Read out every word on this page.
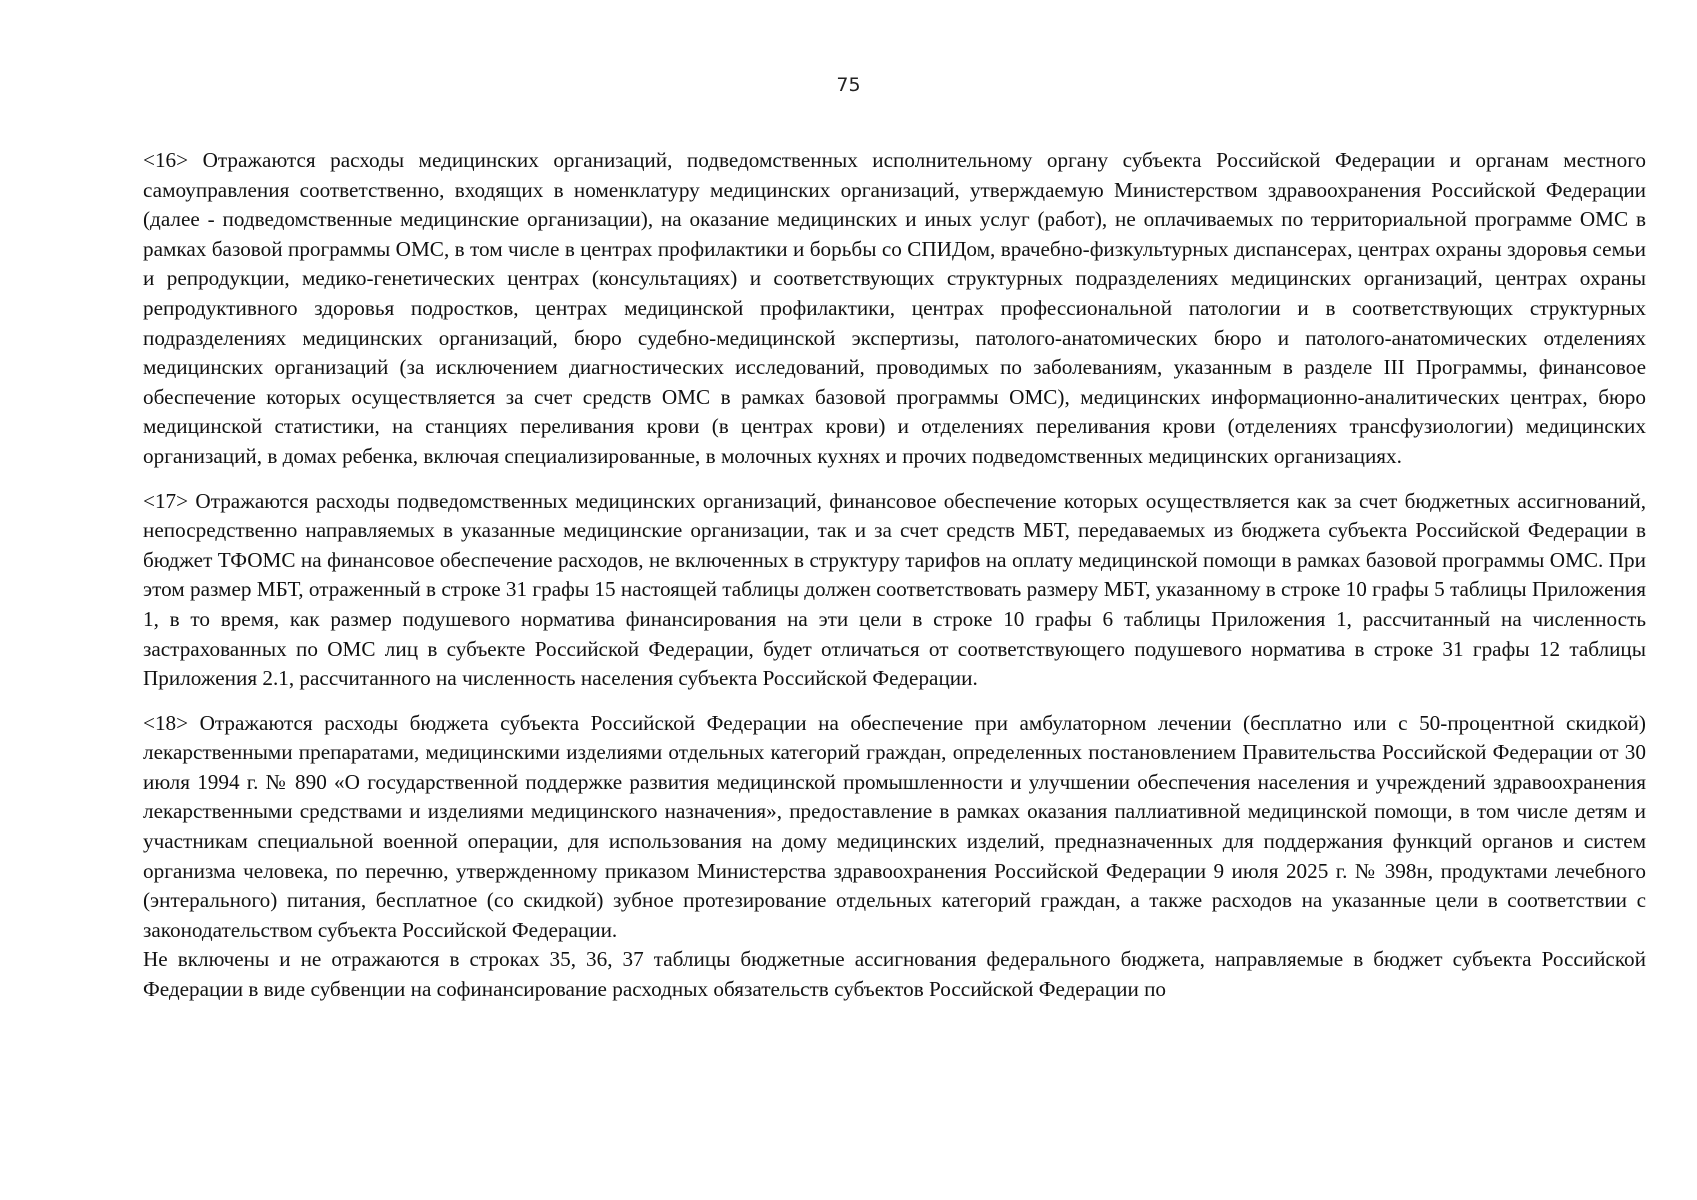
75

<16> Отражаются расходы медицинских организаций, подведомственных исполнительному органу субъекта Российской Федерации и органам местного самоуправления соответственно, входящих в номенклатуру медицинских организаций, утверждаемую Министерством здравоохранения Российской Федерации (далее - подведомственные медицинские организации), на оказание медицинских и иных услуг (работ), не оплачиваемых по территориальной программе ОМС в рамках базовой программы ОМС, в том числе в центрах профилактики и борьбы со СПИДом, врачебно-физкультурных диспансерах, центрах охраны здоровья семьи и репродукции, медико-генетических центрах (консультациях) и соответствующих структурных подразделениях медицинских организаций, центрах охраны репродуктивного здоровья подростков, центрах медицинской профилактики, центрах профессиональной патологии и в соответствующих структурных подразделениях медицинских организаций, бюро судебно-медицинской экспертизы, патолого-анатомических бюро и патолого-анатомических отделениях медицинских организаций (за исключением диагностических исследований, проводимых по заболеваниям, указанным в разделе III Программы, финансовое обеспечение которых осуществляется за счет средств ОМС в рамках базовой программы ОМС), медицинских информационно-аналитических центрах, бюро медицинской статистики, на станциях переливания крови (в центрах крови) и отделениях переливания крови (отделениях трансфузиологии) медицинских организаций, в домах ребенка, включая специализированные, в молочных кухнях и прочих подведомственных медицинских организациях.

<17> Отражаются расходы подведомственных медицинских организаций, финансовое обеспечение которых осуществляется как за счет бюджетных ассигнований, непосредственно направляемых в указанные медицинские организации, так и за счет средств МБТ, передаваемых из бюджета субъекта Российской Федерации в бюджет ТФОМС на финансовое обеспечение расходов, не включенных в структуру тарифов на оплату медицинской помощи в рамках базовой программы ОМС. При этом размер МБТ, отраженный в строке 31 графы 15 настоящей таблицы должен соответствовать размеру МБТ, указанному в строке 10 графы 5 таблицы Приложения 1, в то время, как размер подушевого норматива финансирования на эти цели в строке 10 графы 6 таблицы Приложения 1, рассчитанный на численность застрахованных по ОМС лиц в субъекте Российской Федерации, будет отличаться от соответствующего подушевого норматива в строке 31 графы 12 таблицы Приложения 2.1, рассчитанного на численность населения субъекта Российской Федерации.

<18> Отражаются расходы бюджета субъекта Российской Федерации на обеспечение при амбулаторном лечении (бесплатно или с 50-процентной скидкой) лекарственными препаратами, медицинскими изделиями отдельных категорий граждан, определенных постановлением Правительства Российской Федерации от 30 июля 1994 г. № 890 «О государственной поддержке развития медицинской промышленности и улучшении обеспечения населения и учреждений здравоохранения лекарственными средствами и изделиями медицинского назначения», предоставление в рамках оказания паллиативной медицинской помощи, в том числе детям и участникам специальной военной операции, для использования на дому медицинских изделий, предназначенных для поддержания функций органов и систем организма человека, по перечню, утвержденному приказом Министерства здравоохранения Российской Федерации 9 июля 2025 г. № 398н, продуктами лечебного (энтерального) питания, бесплатное (со скидкой) зубное протезирование отдельных категорий граждан, а также расходов на указанные цели в соответствии с законодательством субъекта Российской Федерации.

Не включены и не отражаются в строках 35, 36, 37 таблицы бюджетные ассигнования федерального бюджета, направляемые в бюджет субъекта Российской Федерации в виде субвенции на софинансирование расходных обязательств субъектов Российской Федерации по
